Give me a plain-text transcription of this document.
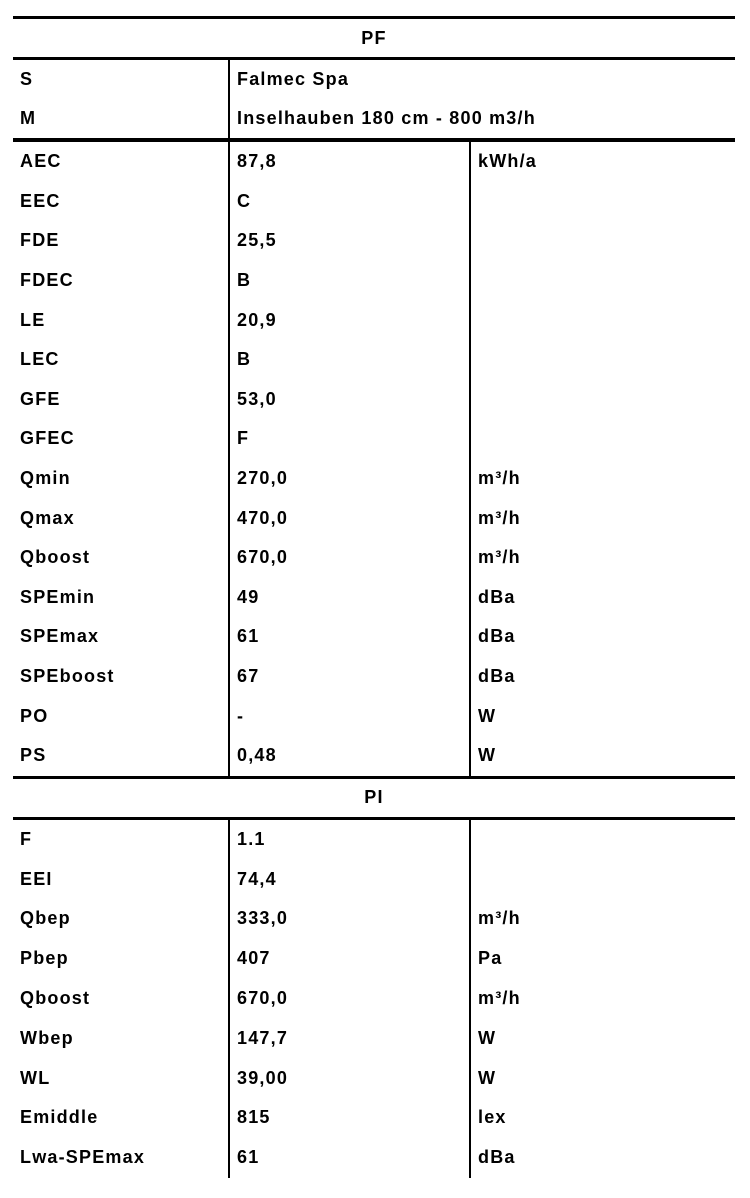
PF
S	Falmec Spa
M	Inselhauben 180 cm - 800 m3/h
AEC	87,8	kWh/a
EEC	C
FDE	25,5
FDEC	B
LE	20,9
LEC	B
GFE	53,0
GFEC	F
Qmin	270,0	m³/h
Qmax	470,0	m³/h
Qboost	670,0	m³/h
SPEmin	49	dBa
SPEmax	61	dBa
SPEboost	67	dBa
PO	-	W
PS	0,48	W
PI
F	1.1
EEI	74,4
Qbep	333,0	m³/h
Pbep	407	Pa
Qboost	670,0	m³/h
Wbep	147,7	W
WL	39,00	W
Emiddle	815	lex
Lwa-SPEmax	61	dBa
